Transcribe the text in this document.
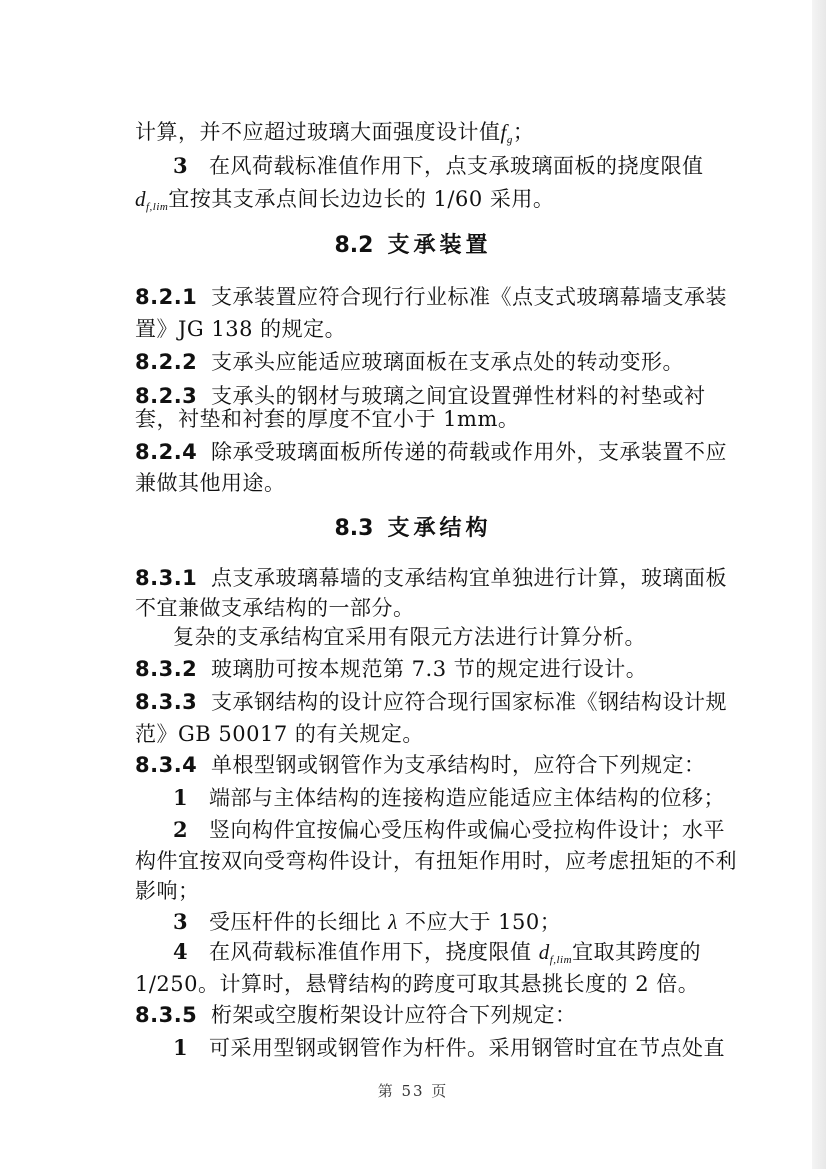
计算，并不应超过玻璃大面强度设计值$f_g$；
3 在风荷载标准值作用下，点支承玻璃面板的挠度限值
$d_{f,lim}$宜按其支承点间长边边长的 1/60 采用。
8.2 支承装置
8.2.1 支承装置应符合现行行业标准《点支式玻璃幕墙支承装
置》JG 138 的规定。
8.2.2 支承头应能适应玻璃面板在支承点处的转动变形。
8.2.3 支承头的钢材与玻璃之间宜设置弹性材料的衬垫或衬
套，衬垫和衬套的厚度不宜小于 1mm。
8.2.4 除承受玻璃面板所传递的荷载或作用外，支承装置不应
兼做其他用途。
8.3 支承结构
8.3.1 点支承玻璃幕墙的支承结构宜单独进行计算，玻璃面板
不宜兼做支承结构的一部分。
复杂的支承结构宜采用有限元方法进行计算分析。
8.3.2 玻璃肋可按本规范第 7.3 节的规定进行设计。
8.3.3 支承钢结构的设计应符合现行国家标准《钢结构设计规
范》GB 50017 的有关规定。
8.3.4 单根型钢或钢管作为支承结构时，应符合下列规定：
1 端部与主体结构的连接构造应能适应主体结构的位移；
2 竖向构件宜按偏心受压构件或偏心受拉构件设计；水平
构件宜按双向受弯构件设计，有扭矩作用时，应考虑扭矩的不利
影响；
3 受压杆件的长细比 λ 不应大于 150；
4 在风荷载标准值作用下，挠度限值 $d_{f,lim}$宜取其跨度的
1/250。计算时，悬臂结构的跨度可取其悬挑长度的 2 倍。
8.3.5 桁架或空腹桁架设计应符合下列规定：
1 可采用型钢或钢管作为杆件。采用钢管时宜在节点处直
第 53 页
